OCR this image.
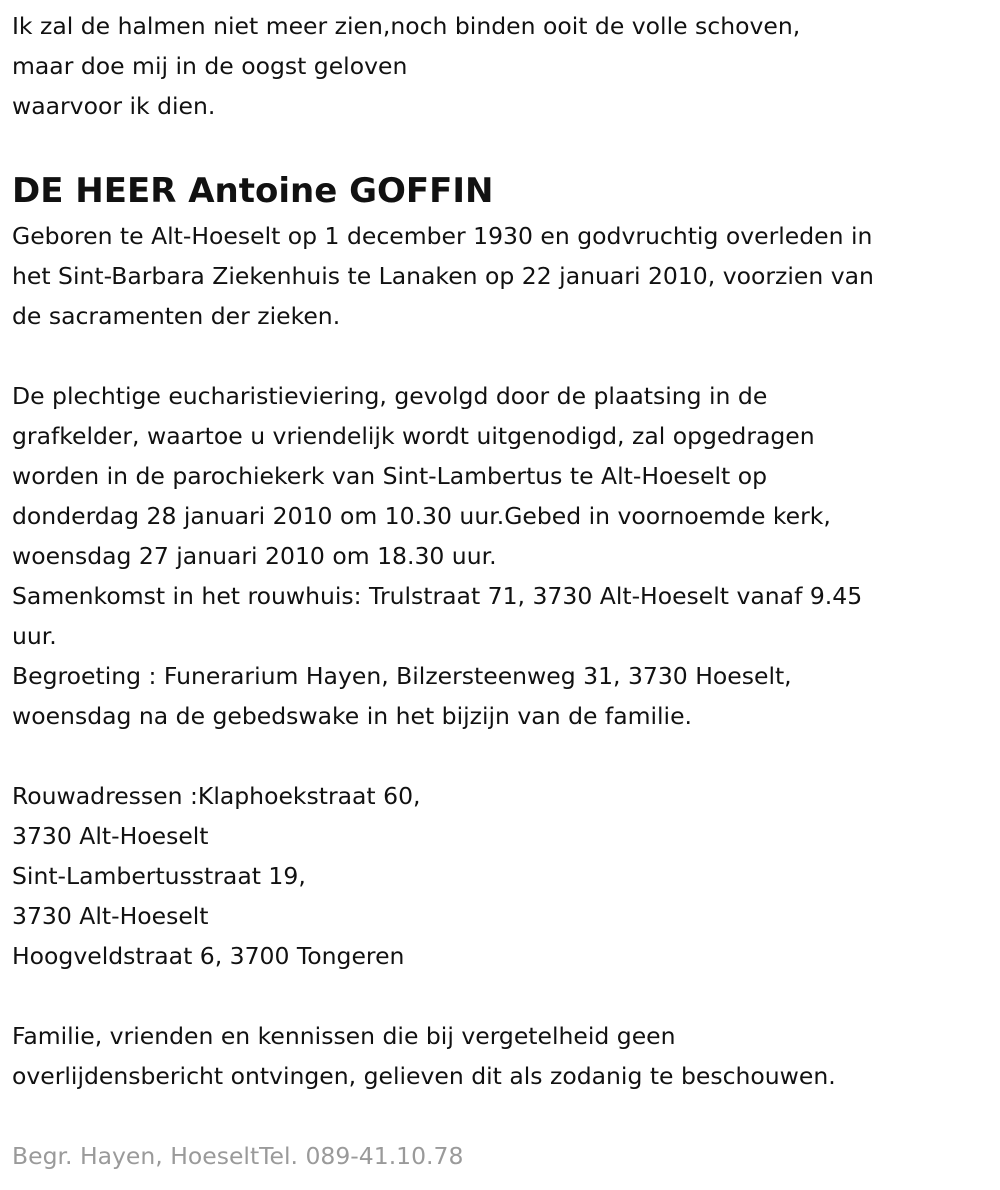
Ik zal de halmen niet meer zien,noch binden ooit de volle schoven,
maar doe mij in de oogst geloven
waarvoor ik dien.
DE HEER Antoine GOFFIN
Geboren te Alt-Hoeselt op 1 december 1930 en godvruchtig overleden in
het Sint-Barbara Ziekenhuis te Lanaken op 22 januari 2010, voorzien van
de sacramenten der zieken.
De plechtige eucharistieviering, gevolgd door de plaatsing in de
grafkelder, waartoe u vriendelijk wordt uitgenodigd, zal opgedragen
worden in de parochiekerk van Sint-Lambertus te Alt-Hoeselt op
donderdag 28 januari 2010 om 10.30 uur.Gebed in voornoemde kerk,
woensdag 27 januari 2010 om 18.30 uur.
Samenkomst in het rouwhuis: Trulstraat 71, 3730 Alt-Hoeselt vanaf 9.45
uur.
Begroeting : Funerarium Hayen, Bilzersteenweg 31, 3730 Hoeselt,
woensdag na de gebedswake in het bijzijn van de familie.
Rouwadressen :Klaphoekstraat 60,
3730 Alt-Hoeselt
Sint-Lambertusstraat 19,
3730 Alt-Hoeselt
Hoogveldstraat 6, 3700 Tongeren
Familie, vrienden en kennissen die bij vergetelheid geen
overlijdensbericht ontvingen, gelieven dit als zodanig te beschouwen.
Begr. Hayen, HoeseltTel. 089-41.10.78
